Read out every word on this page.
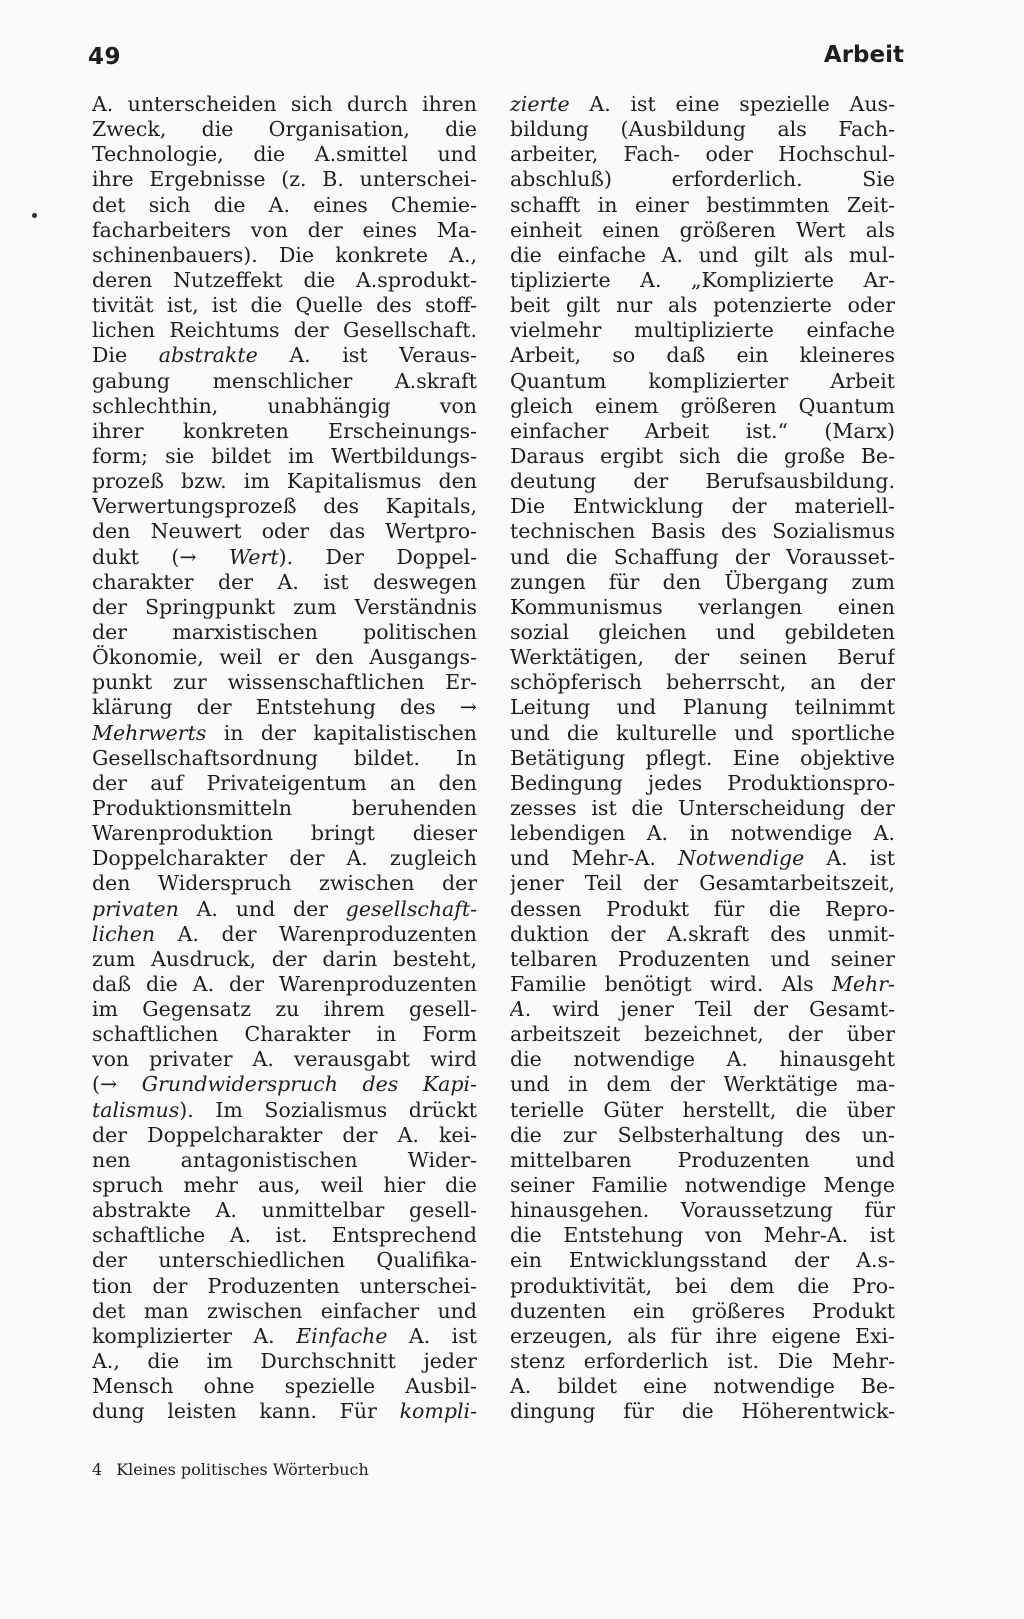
49	Arbeit
A. unterscheiden sich durch ihren
Zweck, die Organisation, die
Technologie, die A.smittel und
ihre Ergebnisse (z. B. unterschei-
det sich die A. eines Chemie-
facharbeiters von der eines Ma-
schinenbauers). Die konkrete A.,
deren Nutzeffekt die A.sprodukt-
tivität ist, ist die Quelle des stoff-
lichen Reichtums der Gesellschaft.
Die abstrakte A. ist Veraus-
gabung menschlicher A.skraft
schlechthin, unabhängig von
ihrer konkreten Erscheinungs-
form; sie bildet im Wertbildungs-
prozeß bzw. im Kapitalismus den
Verwertungsprozeß des Kapitals,
den Neuwert oder das Wertpro-
dukt (→ Wert). Der Doppel-
charakter der A. ist deswegen
der Springpunkt zum Verständnis
der marxistischen politischen
Ökonomie, weil er den Ausgangs-
punkt zur wissenschaftlichen Er-
klärung der Entstehung des →
Mehrwerts in der kapitalistischen
Gesellschaftsordnung bildet. In
der auf Privateigentum an den
Produktionsmitteln beruhenden
Warenproduktion bringt dieser
Doppelcharakter der A. zugleich
den Widerspruch zwischen der
privaten A. und der gesellschaft-
lichen A. der Warenproduzenten
zum Ausdruck, der darin besteht,
daß die A. der Warenproduzenten
im Gegensatz zu ihrem gesell-
schaftlichen Charakter in Form
von privater A. verausgabt wird
(→ Grundwiderspruch des Kapi-
talismus). Im Sozialismus drückt
der Doppelcharakter der A. kei-
nen antagonistischen Wider-
spruch mehr aus, weil hier die
abstrakte A. unmittelbar gesell-
schaftliche A. ist. Entsprechend
der unterschiedlichen Qualifika-
tion der Produzenten unterschei-
det man zwischen einfacher und
komplizierter A. Einfache A. ist
A., die im Durchschnitt jeder
Mensch ohne spezielle Ausbil-
dung leisten kann. Für kompli-
zierte A. ist eine spezielle Aus-
bildung (Ausbildung als Fach-
arbeiter, Fach- oder Hochschul-
abschluß) erforderlich. Sie
schafft in einer bestimmten Zeit-
einheit einen größeren Wert als
die einfache A. und gilt als mul-
tiplizierte A. „Komplizierte Ar-
beit gilt nur als potenzierte oder
vielmehr multiplizierte einfache
Arbeit, so daß ein kleineres
Quantum komplizierter Arbeit
gleich einem größeren Quantum
einfacher Arbeit ist.“ (Marx)
Daraus ergibt sich die große Be-
deutung der Berufsausbildung.
Die Entwicklung der materiell-
technischen Basis des Sozialismus
und die Schaffung der Vorausset-
zungen für den Übergang zum
Kommunismus verlangen einen
sozial gleichen und gebildeten
Werktätigen, der seinen Beruf
schöpferisch beherrscht, an der
Leitung und Planung teilnimmt
und die kulturelle und sportliche
Betätigung pflegt. Eine objektive
Bedingung jedes Produktionspro-
zesses ist die Unterscheidung der
lebendigen A. in notwendige A.
und Mehr-A. Notwendige A. ist
jener Teil der Gesamtarbeitszeit,
dessen Produkt für die Repro-
duktion der A.skraft des unmit-
telbaren Produzenten und seiner
Familie benötigt wird. Als Mehr-
A. wird jener Teil der Gesamt-
arbeitszeit bezeichnet, der über
die notwendige A. hinausgeht
und in dem der Werktätige ma-
terielle Güter herstellt, die über
die zur Selbsterhaltung des un-
mittelbaren Produzenten und
seiner Familie notwendige Menge
hinausgehen. Voraussetzung für
die Entstehung von Mehr-A. ist
ein Entwicklungsstand der A.s-
produktivität, bei dem die Pro-
duzenten ein größeres Produkt
erzeugen, als für ihre eigene Exi-
stenz erforderlich ist. Die Mehr-
A. bildet eine notwendige Be-
dingung für die Höherentwick-
4 Kleines politisches Wörterbuch
